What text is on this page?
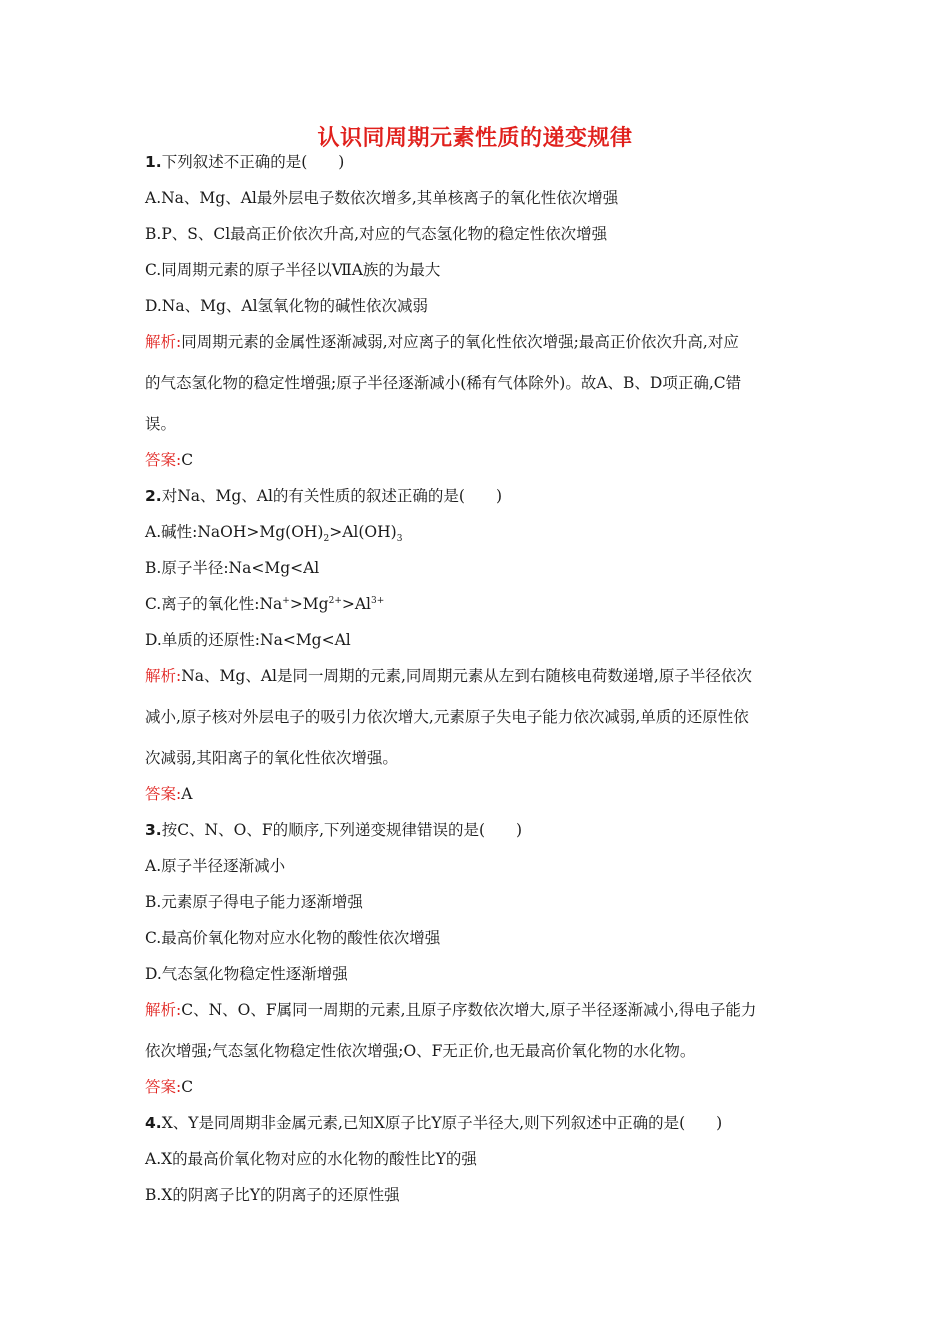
认识同周期元素性质的递变规律
1.下列叙述不正确的是(　　)
A.Na、Mg、Al最外层电子数依次增多,其单核离子的氧化性依次增强
B.P、S、Cl最高正价依次升高,对应的气态氢化物的稳定性依次增强
C.同周期元素的原子半径以ⅦA族的为最大
D.Na、Mg、Al氢氧化物的碱性依次减弱
解析:同周期元素的金属性逐渐减弱,对应离子的氧化性依次增强;最高正价依次升高,对应
的气态氢化物的稳定性增强;原子半径逐渐减小(稀有气体除外)。故A、B、D项正确,C错
误。
答案:C
2.对Na、Mg、Al的有关性质的叙述正确的是(　　)
A.碱性$:NaOH>Mg(OH)_2>Al(OH)_3$
B.原子半径:Na<Mg<Al
C.离子的氧化性$:Na^+>Mg^{2+}>Al^{3+}$
D.单质的还原性:Na<Mg<Al
解析:Na、Mg、Al是同一周期的元素,同周期元素从左到右随核电荷数递增,原子半径依次
减小,原子核对外层电子的吸引力依次增大,元素原子失电子能力依次减弱,单质的还原性依
次减弱,其阳离子的氧化性依次增强。
答案:A
3.按C、N、O、F的顺序,下列递变规律错误的是(　　)
A.原子半径逐渐减小
B.元素原子得电子能力逐渐增强
C.最高价氧化物对应水化物的酸性依次增强
D.气态氢化物稳定性逐渐增强
解析:C、N、O、F属同一周期的元素,且原子序数依次增大,原子半径逐渐减小,得电子能力
依次增强;气态氢化物稳定性依次增强;O、F无正价,也无最高价氧化物的水化物。
答案:C
4.X、Y是同周期非金属元素,已知X原子比Y原子半径大,则下列叙述中正确的是(　　)
A.X的最高价氧化物对应的水化物的酸性比Y的强
B.X的阴离子比Y的阴离子的还原性强
